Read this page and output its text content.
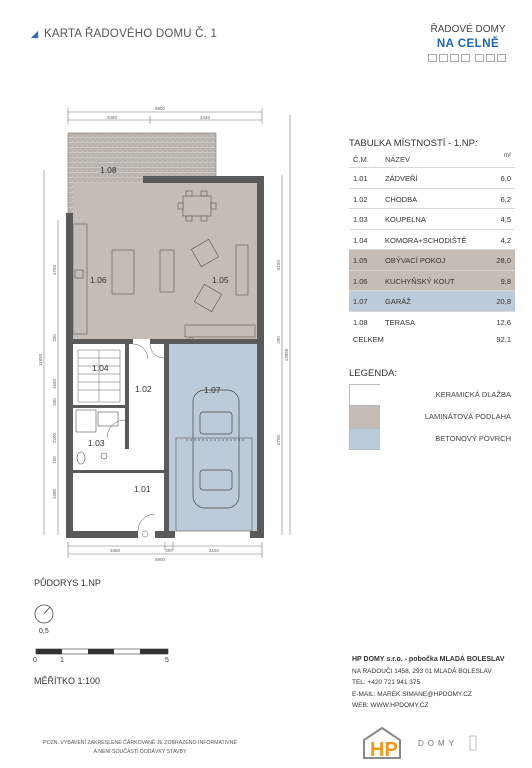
KARTA ŘADOVÉHO DOMU Č. 1	ŘADOVÉ DOMY
NA CELNĚ
6900
3460	3440
3450	300	3150
6900
11850
4750
250
1650
200
2300
100
1580
6150
250
6700
13850
1.08
1.06	1.05
1.04
1.02	1.07
1.03
1.01
PŮDORYS 1.NP
0,5
0	1	5
MĚŘÍTKO 1:100
TABULKA MÍSTNOSTÍ - 1.NP:
Č.M. NÁZEV	m²
1.01 ZÁDVEŘÍ	6,0
1.02 CHODBA	6,2
1.03 KOUPELNA	4,5
1.04 KOMORA+SCHODIŠTĚ	4,2
1.05 OBÝVACÍ POKOJ	28,0
1.06 KUCHYŇSKÝ KOUT	9,8
1.07 GARÁŽ	20,8
1.08 TERASA	12,6
CELKEM	92,1
LEGENDA:
KERAMICKÁ DLAŽBA
LAMINÁTOVÁ PODLAHA
BETONOVÝ POVRCH
HP DOMY s.r.o. - pobočka MLADÁ BOLESLAV
NA RADOUČI 1458, 293 01 MLADÁ BOLESLAV
TEL: +420 721 941 375
E-MAIL: MAREK.SIMANE@HPDOMY.CZ
WEB: WWW.HPDOMY.CZ
POZN. VYBAVENÍ ZAKRESLENÉ ČÁRKOVANĚ JE ZOBRAZENO INFORMATIVNĚ
A NENÍ SOUČÁSTÍ DODÁVKY STAVBY	HP	DOMY
